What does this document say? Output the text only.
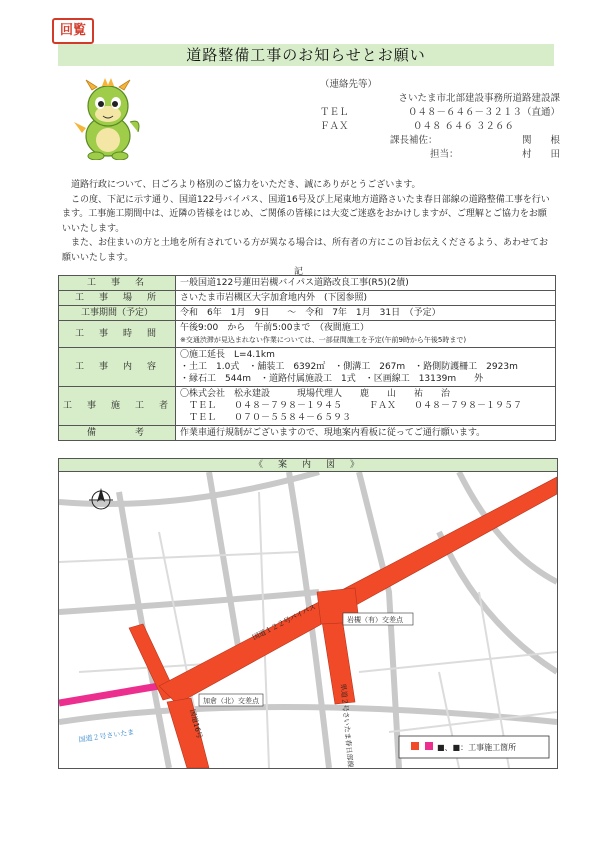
回覧
道路整備工事のお知らせとお願い
（連絡先等）
さいたま市北部建設事務所道路建設課
ＴＥＬ	０４８－６４６－３２１３（直通）
ＦＡＸ	０４８ ６４６ ３２６６
課長補佐：	関　　根
担当：	村　　田

道路行政について、日ごろより格別のご協力をいただき、誠にありがとうございます。

この度、下記に示す通り、国道122号バイパス、国道16号及び上尾東地方道路さいたま春日部線の道路整備工事を行います。工事施工期間中は、近隣の皆様をはじめ、ご関係の皆様には大変ご迷惑をおかけしますが、ご理解とご協力をお願いいたします。

また、お住まいの方と土地を所有されている方が異なる場合は、所有者の方にこの旨お伝えくださるよう、あわせてお願いいたします。

記
工　事　名	一般国道122号蓮田岩槻バイパス道路改良工事(R5)(2債)
工　事　場　所	さいたま市岩槻区大字加倉地内外　(下図参照)
工事期間（予定）	令和　6年　1月　9日　　～　令和　7年　1月　31日　（予定）
工　事　時　間	午後9:00　から　午前5:00まで　（夜間施工）
※交通渋滞が見込まれない作業については、一部昼間施工を予定(午前9時から午後5時まで)

工　事　内　容	〇施工延長　L=4.1km
・土工　1.0式　・舗装工　6392㎡　・側溝工　267m　・路側防護柵工　2923m
・縁石工　544m　・道路付属施設工　1式　・区画線工　13139m　　外

工　事　施　工　者	〇株式会社　松永建設　　　現場代理人　　鹿　　山　　祐　　治
　ＴＥＬ　　０４８－７９８－１９４５　　　ＦＡＸ　　０４８－７９８－１９５７
　ＴＥＬ　　０７０－５５８４－６５９３

備　　　考	作業車通行規制がございますので、現地案内看板に従ってご通行願います。
《　案　内　図　》
国道１２２号バイパス
国道16号	県道２号さいたま春日部線
国道２号さいたま
岩槻（有）交差点
加倉（北）交差点
■、■：工事施工箇所
